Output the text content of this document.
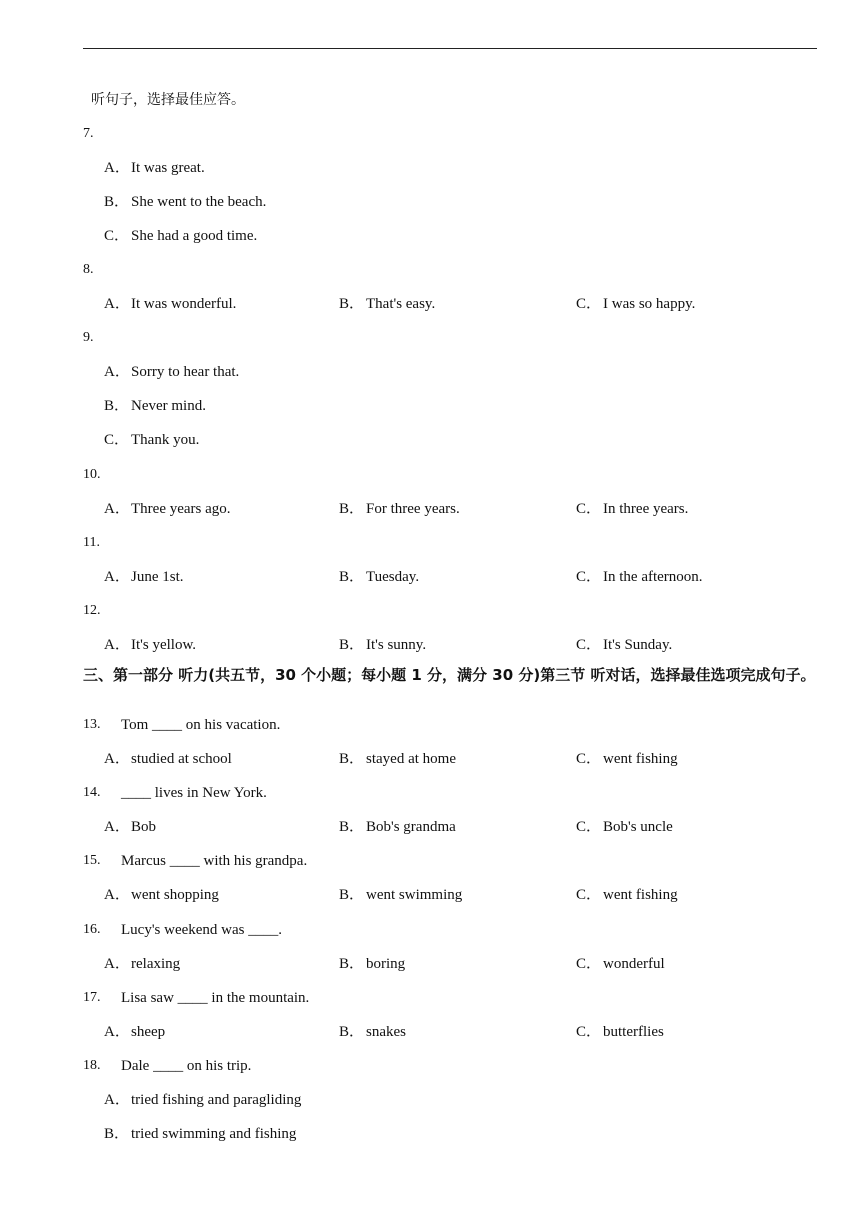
听句子，选择最佳应答。
7.
A．It was great.
B． She went to the beach.
C． She had a good time.
8.
A．It was wonderful.	B． That's easy.	C． I was so happy.
9.
A．Sorry to hear that.
B． Never mind.
C． Thank you.
10.
A．Three years ago.	B． For three years.	C． In three years.
11.
A．June 1st.	B． Tuesday.	C． In the afternoon.
12.
A．It's yellow.	B． It's sunny.	C． It's Sunday.
三、第一部分 听力(共五节，30 个小题；每小题 1 分，满分 30 分)第三节 听对话，选择最佳选项完成句子。
13. Tom ____ on his vacation.
A．studied at school	B． stayed at home	C． went fishing
14. ____ lives in New York.
A．Bob	B． Bob's grandma	C． Bob's uncle
15. Marcus ____ with his grandpa.
A．went shopping	B． went swimming	C． went fishing
16. Lucy's weekend was ____.
A．relaxing	B． boring	C． wonderful
17. Lisa saw ____ in the mountain.
A．sheep	B． snakes	C． butterflies
18. Dale ____ on his trip.
A．tried fishing and paragliding
B． tried swimming and fishing
